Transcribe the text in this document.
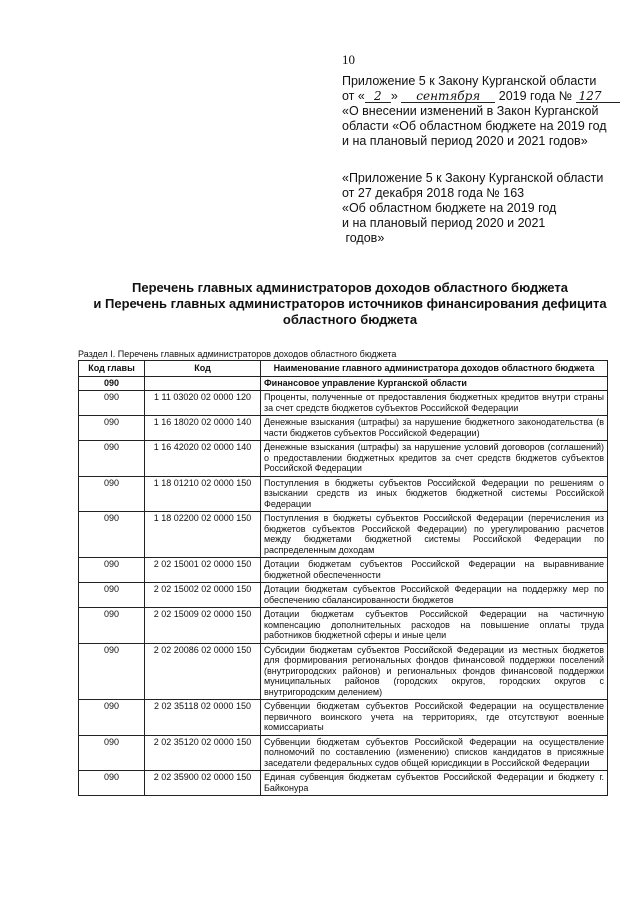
10
Приложение 5 к Закону Курганской области
от « 2 » сентября 2019 года № 127
«О внесении изменений в Закон Курганской
области «Об областном бюджете на 2019 год
и на плановый период 2020 и 2021 годов»
«Приложение 5 к Закону Курганской области
от 27 декабря 2018 года № 163
«Об областном бюджете на 2019 год
и на плановый период 2020 и 2021
годов»
Перечень главных администраторов доходов областного бюджета
и Перечень главных администраторов источников финансирования дефицита
областного бюджета
Раздел I. Перечень главных администраторов доходов областного бюджета
Код главы	Код	Наименование главного администратора доходов областного бюджета
090		Финансовое управление Курганской области
090	1 11 03020 02 0000 120	Проценты, полученные от предоставления бюджетных кредитов внутри страны за счет средств бюджетов субъектов Российской Федерации
090	1 16 18020 02 0000 140	Денежные взыскания (штрафы) за нарушение бюджетного законодательства (в части бюджетов субъектов Российской Федерации)
090	1 16 42020 02 0000 140	Денежные взыскания (штрафы) за нарушение условий договоров (соглашений) о предоставлении бюджетных кредитов за счет средств бюджетов субъектов Российской Федерации
090	1 18 01210 02 0000 150	Поступления в бюджеты субъектов Российской Федерации по решениям о взыскании средств из иных бюджетов бюджетной системы Российской Федерации
090	1 18 02200 02 0000 150	Поступления в бюджеты субъектов Российской Федерации (перечисления из бюджетов субъектов Российской Федерации) по урегулированию расчетов между бюджетами бюджетной системы Российской Федерации по распределенным доходам
090	2 02 15001 02 0000 150	Дотации бюджетам субъектов Российской Федерации на выравнивание бюджетной обеспеченности
090	2 02 15002 02 0000 150	Дотации бюджетам субъектов Российской Федерации на поддержку мер по обеспечению сбалансированности бюджетов
090	2 02 15009 02 0000 150	Дотации бюджетам субъектов Российской Федерации на частичную компенсацию дополнительных расходов на повышение оплаты труда работников бюджетной сферы и иные цели
090	2 02 20086 02 0000 150	Субсидии бюджетам субъектов Российской Федерации из местных бюджетов для формирования региональных фондов финансовой поддержки поселений (внутригородских районов) и региональных фондов финансовой поддержки муниципальных районов (городских округов, городских округов с внутригородским делением)
090	2 02 35118 02 0000 150	Субвенции бюджетам субъектов Российской Федерации на осуществление первичного воинского учета на территориях, где отсутствуют военные комиссариаты
090	2 02 35120 02 0000 150	Субвенции бюджетам субъектов Российской Федерации на осуществление полномочий по составлению (изменению) списков кандидатов в присяжные заседатели федеральных судов общей юрисдикции в Российской Федерации
090	2 02 35900 02 0000 150	Единая субвенция бюджетам субъектов Российской Федерации и бюджету г. Байконура
